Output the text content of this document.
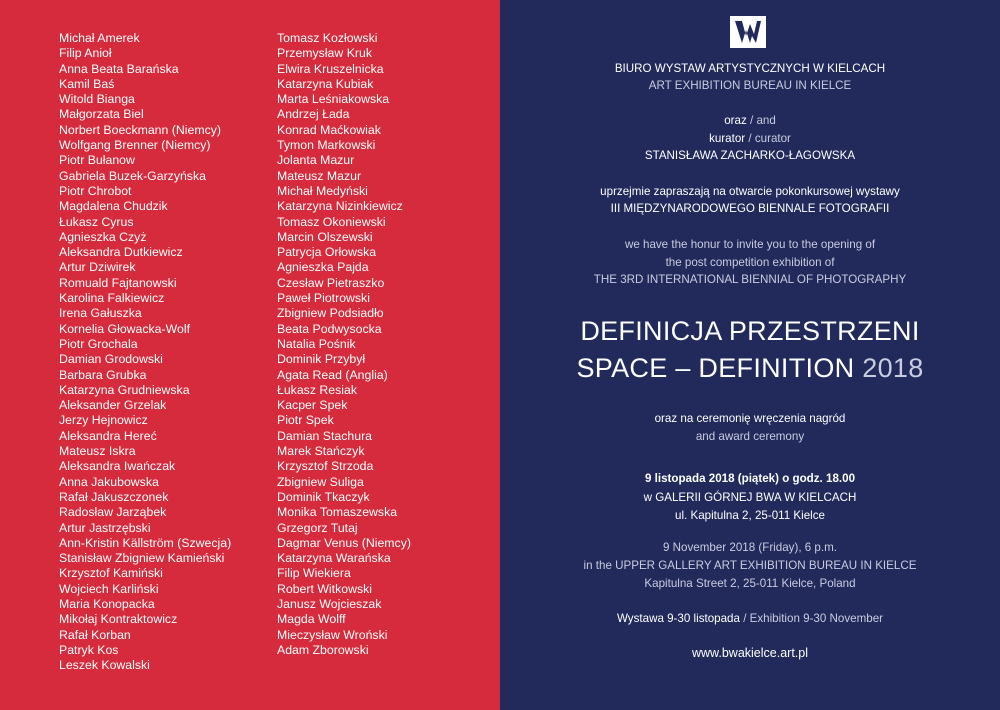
Michał Amerek
Filip Anioł
Anna Beata Barańska
Kamil Baś
Witold Bianga
Małgorzata Biel
Norbert Boeckmann (Niemcy)
Wolfgang Brenner (Niemcy)
Piotr Bułanow
Gabriela Buzek-Garzyńska
Piotr Chrobot
Magdalena Chudzik
Łukasz Cyrus
Agnieszka Czyż
Aleksandra Dutkiewicz
Artur Dziwirek
Romuald Fajtanowski
Karolina Falkiewicz
Irena Gałuszka
Kornelia Głowacka-Wolf
Piotr Grochala
Damian Grodowski
Barbara Grubka
Katarzyna Grudniewska
Aleksander Grzelak
Jerzy Hejnowicz
Aleksandra Hereć
Mateusz Iskra
Aleksandra Iwańczak
Anna Jakubowska
Rafał Jakuszczonek
Radosław Jarząbek
Artur Jastrzębski
Ann-Kristin Källström (Szwecja)
Stanisław Zbigniew Kamieński
Krzysztof Kamiński
Wojciech Karliński
Maria Konopacka
Mikołaj Kontraktowicz
Rafał Korban
Patryk Kos
Leszek Kowalski
Tomasz Kozłowski
Przemysław Kruk
Elwira Kruszelnicka
Katarzyna Kubiak
Marta Leśniakowska
Andrzej Łada
Konrad Maćkowiak
Tymon Markowski
Jolanta Mazur
Mateusz Mazur
Michał Medyński
Katarzyna Nizinkiewicz
Tomasz Okoniewski
Marcin Olszewski
Patrycja Orłowska
Agnieszka Pajda
Czesław Pietraszko
Paweł Piotrowski
Zbigniew Podsiadło
Beata Podwysocka
Natalia Pośnik
Dominik Przybył
Agata Read (Anglia)
Łukasz Resiak
Kacper Spek
Piotr Spek
Damian Stachura
Marek Stańczyk
Krzysztof Strzoda
Zbigniew Suliga
Dominik Tkaczyk
Monika Tomaszewska
Grzegorz Tutaj
Dagmar Venus (Niemcy)
Katarzyna Warańska
Filip Wiekiera
Robert Witkowski
Janusz Wojcieszak
Magda Wolff
Mieczysław Wroński
Adam Zborowski
BIURO WYSTAW ARTYSTYCZNYCH W KIELCACH
ART EXHIBITION BUREAU IN KIELCE
oraz / and
kurator / curator
STANISŁAWA ZACHARKO-ŁAGOWSKA
uprzejmie zapraszają na otwarcie pokonkursowej wystawy
III MIĘDZYNARODOWEGO BIENNALE FOTOGRAFII
we have the honur to invite you to the opening of
the post competition exhibition of
THE 3RD INTERNATIONAL BIENNIAL OF PHOTOGRAPHY
DEFINICJA PRZESTRZENI
SPACE – DEFINITION 2018
oraz na ceremonię wręczenia nagród
and award ceremony
9 listopada 2018 (piątek) o godz. 18.00
w GALERII GÓRNEJ BWA W KIELCACH
ul. Kapitulna 2, 25-011 Kielce
9 November 2018 (Friday), 6 p.m.
in the UPPER GALLERY ART EXHIBITION BUREAU IN KIELCE
Kapitulna Street 2, 25-011 Kielce, Poland
Wystawa 9-30 listopada / Exhibition 9-30 November
www.bwakielce.art.pl
